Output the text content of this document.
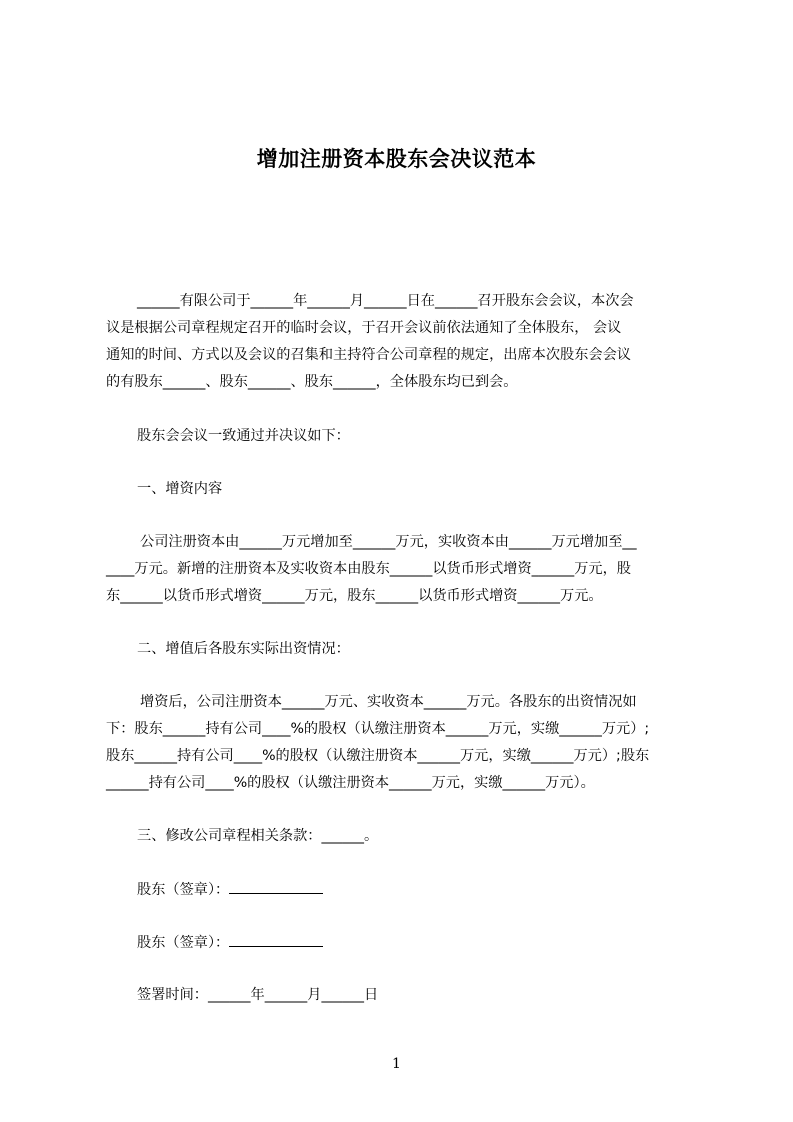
增加注册资本股东会决议范本
______有限公司于______年______月______日在______召开股东会会议，本次会
议是根据公司章程规定召开的临时会议，于召开会议前依法通知了全体股东， 会议
通知的时间、方式以及会议的召集和主持符合公司章程的规定，出席本次股东会会议
的有股东______、股东______、股东______，全体股东均已到会。
股东会会议一致通过并决议如下：
一、增资内容
公司注册资本由______万元增加至______万元，实收资本由______万元增加至__
____万元。新增的注册资本及实收资本由股东______以货币形式增资______万元，股
东______以货币形式增资______万元，股东______以货币形式增资______万元。
二、增值后各股东实际出资情况：
增资后，公司注册资本______万元、实收资本______万元。各股东的出资情况如
下：股东______持有公司____%的股权（认缴注册资本______万元，实缴______万元）;
股东______持有公司____%的股权（认缴注册资本______万元，实缴______万元）;股东
______持有公司____%的股权（认缴注册资本______万元，实缴______万元）。
三、修改公司章程相关条款：______。
股东（签章）：
股东（签章）：
签署时间：______年______月______日
1
